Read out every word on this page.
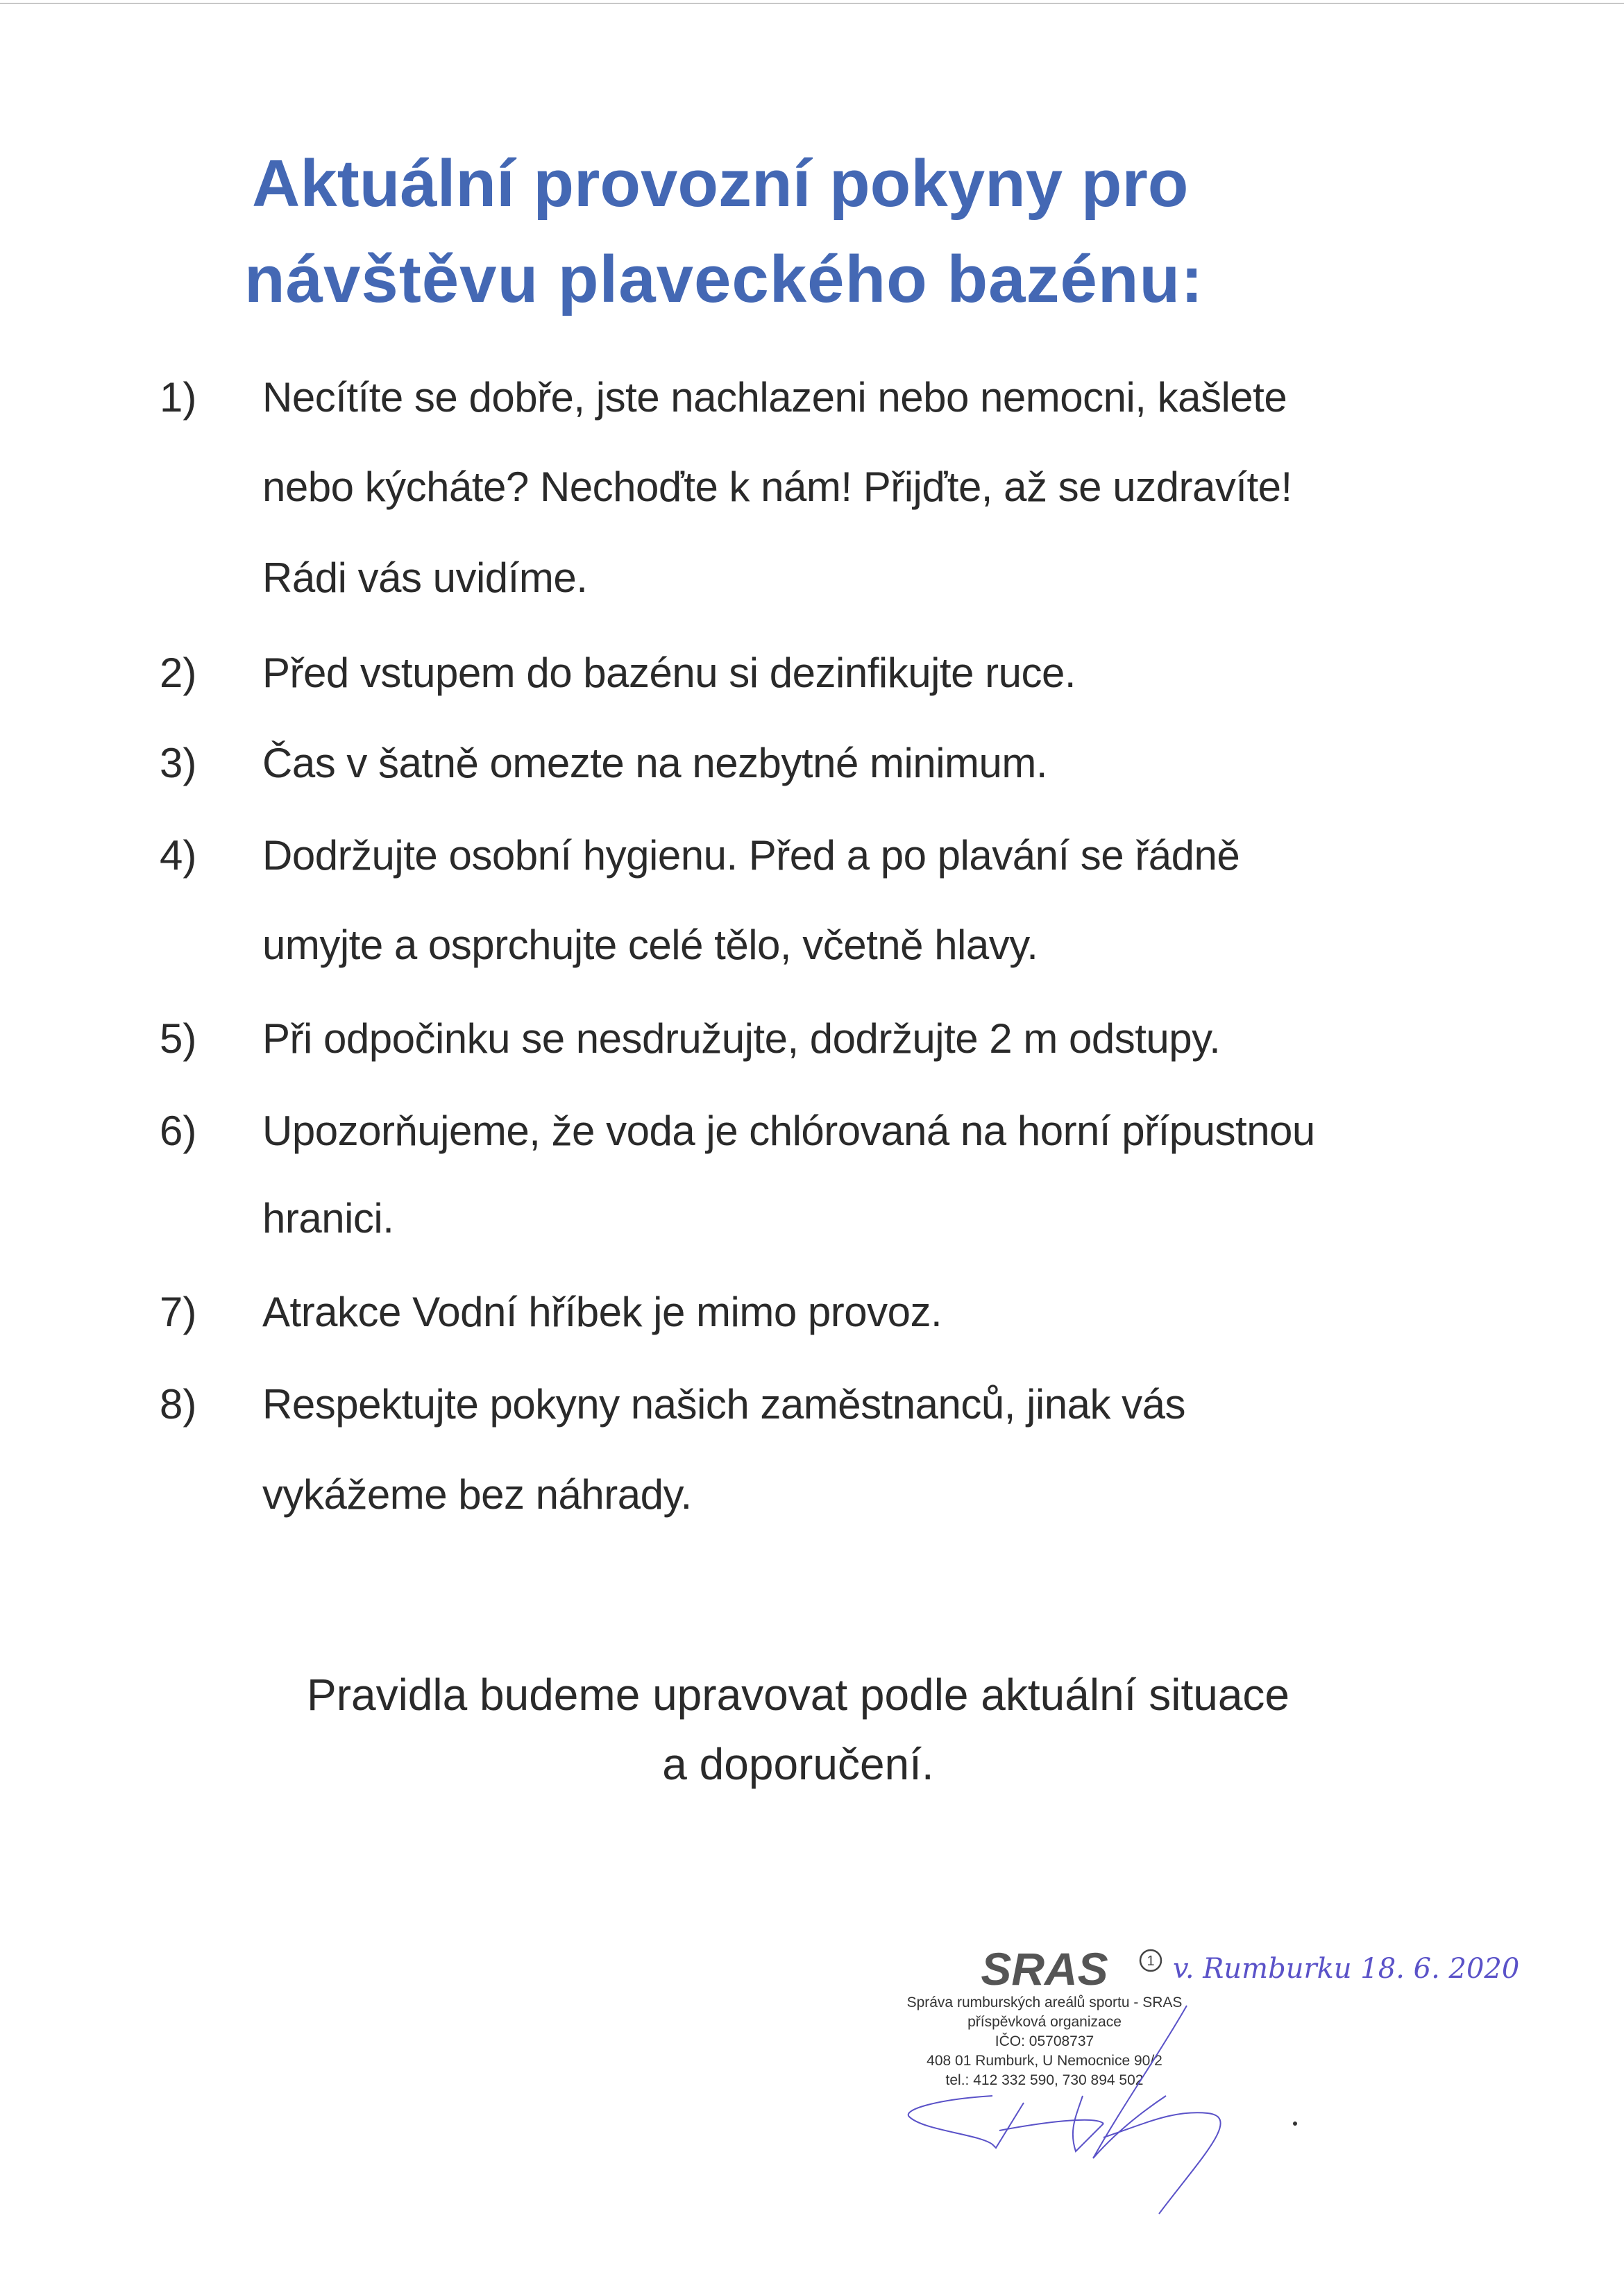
Aktuální provozní pokyny pro
návštěvu plaveckého bazénu:
1) Necítíte se dobře, jste nachlazeni nebo nemocni, kašlete
nebo kýcháte? Nechoďte k nám! Přijďte, až se uzdravíte!
Rádi vás uvidíme.
2) Před vstupem do bazénu si dezinfikujte ruce.
3) Čas v šatně omezte na nezbytné minimum.
4) Dodržujte osobní hygienu. Před a po plavání se řádně
umyjte a osprchujte celé tělo, včetně hlavy.
5) Při odpočinku se nesdružujte, dodržujte 2 m odstupy.
6) Upozorňujeme, že voda je chlórovaná na horní přípustnou
hranici.
7) Atrakce Vodní hříbek je mimo provoz.
8) Respektujte pokyny našich zaměstnanců, jinak vás
vykážeme bez náhrady.
Pravidla budeme upravovat podle aktuální situace
a doporučení.
SRAS	1
Správa rumburských areálů sportu - SRAS
příspěvková organizace
IČO: 05708737
408 01 Rumburk, U Nemocnice 90/2
tel.: 412 332 590, 730 894 502
v. Rumburku 18. 6. 2020
